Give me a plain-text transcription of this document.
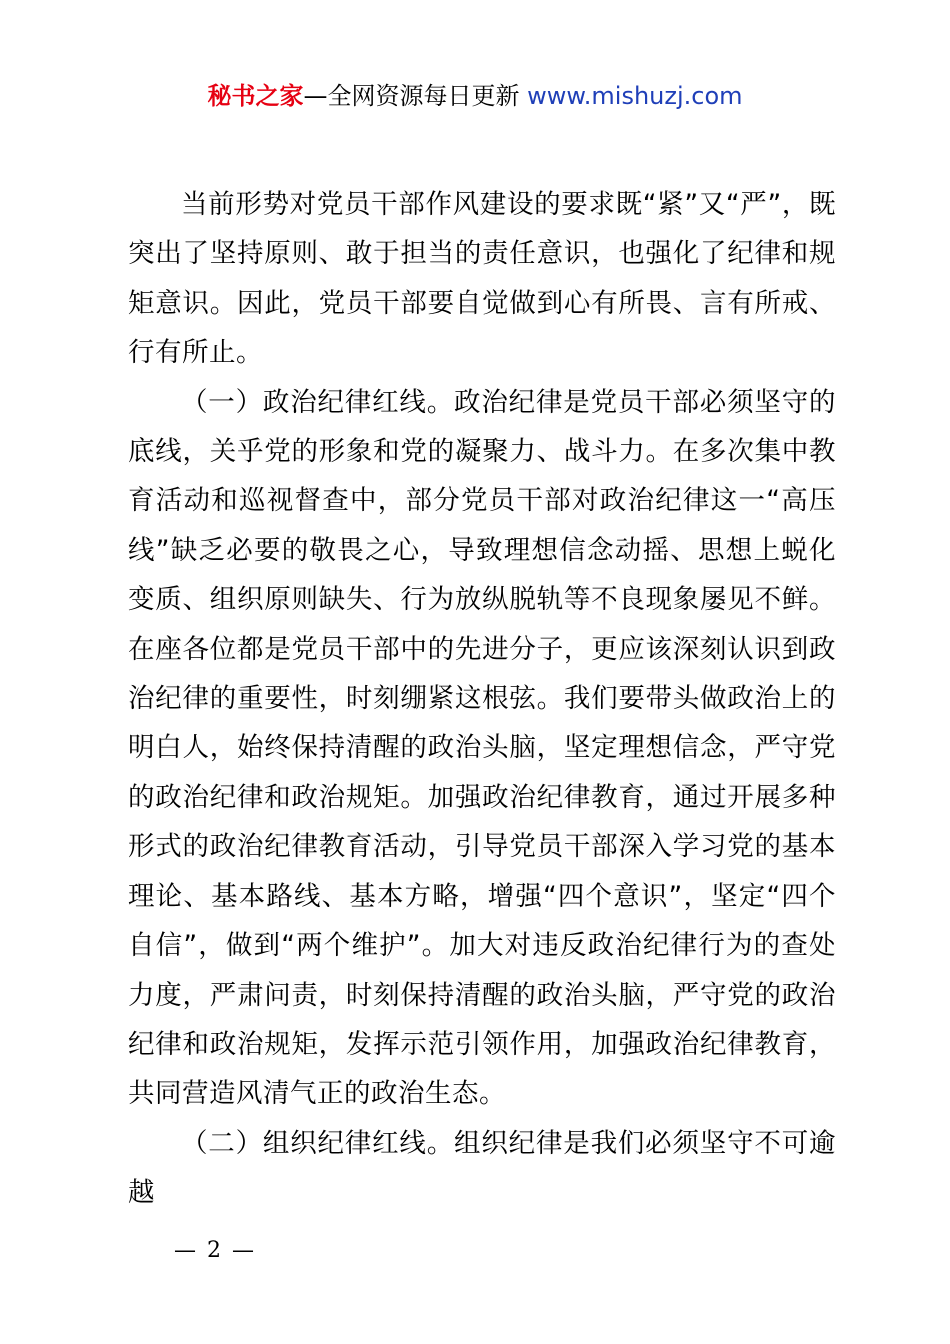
秘书之家—全网资源每日更新 www.mishuzj.com

当前形势对党员干部作风建设的要求既“紧”又“严”，既突出了坚持原则、敢于担当的责任意识，也强化了纪律和规矩意识。因此，党员干部要自觉做到心有所畏、言有所戒、行有所止。

（一）政治纪律红线。政治纪律是党员干部必须坚守的底线，关乎党的形象和党的凝聚力、战斗力。在多次集中教育活动和巡视督查中，部分党员干部对政治纪律这一“高压线”缺乏必要的敬畏之心，导致理想信念动摇、思想上蜕化变质、组织原则缺失、行为放纵脱轨等不良现象屡见不鲜。在座各位都是党员干部中的先进分子，更应该深刻认识到政治纪律的重要性，时刻绷紧这根弦。我们要带头做政治上的明白人，始终保持清醒的政治头脑，坚定理想信念，严守党的政治纪律和政治规矩。加强政治纪律教育，通过开展多种形式的政治纪律教育活动，引导党员干部深入学习党的基本理论、基本路线、基本方略，增强“四个意识”，坚定“四个自信”，做到“两个维护”。加大对违反政治纪律行为的查处力度，严肃问责，时刻保持清醒的政治头脑，严守党的政治纪律和政治规矩，发挥示范引领作用，加强政治纪律教育，共同营造风清气正的政治生态。

（二）组织纪律红线。组织纪律是我们必须坚守不可逾越

— 2 —
